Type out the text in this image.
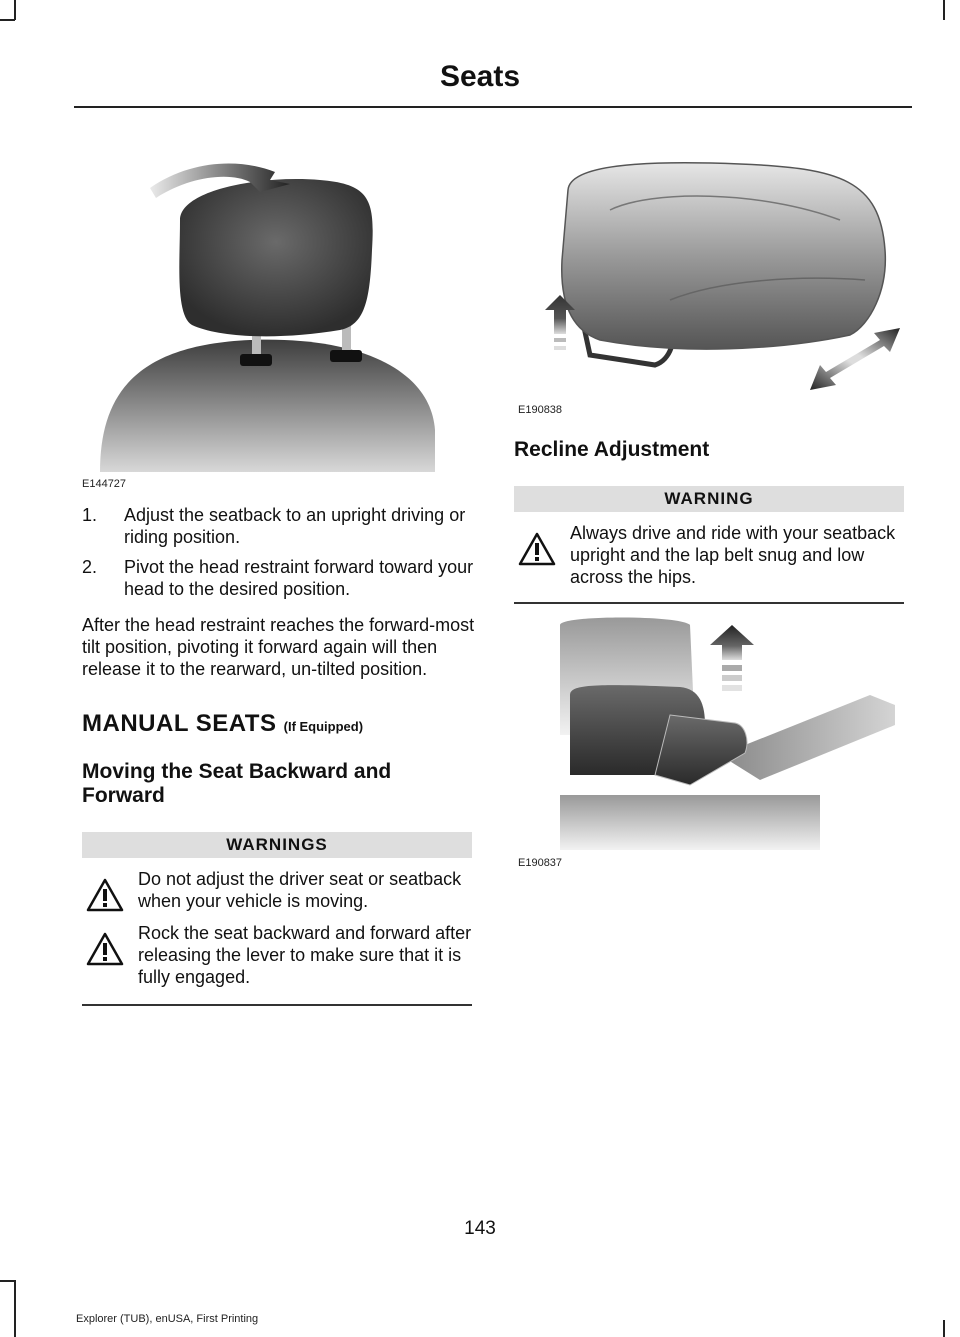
Seats
E144727
1. Adjust the seatback to an upright driving or riding position.
2. Pivot the head restraint forward toward your head to the desired position.

After the head restraint reaches the forward-most tilt position, pivoting it forward again will then release it to the rearward, un-tilted position.

MANUAL SEATS (If Equipped)
Moving the Seat Backward and Forward
WARNINGS
Do not adjust the driver seat or seatback when your vehicle is moving.
Rock the seat backward and forward after releasing the lever to make sure that it is fully engaged.
E190838
Recline Adjustment
WARNING
Always drive and ride with your seatback upright and the lap belt snug and low across the hips.
E190837
143
Explorer (TUB), enUSA, First Printing
